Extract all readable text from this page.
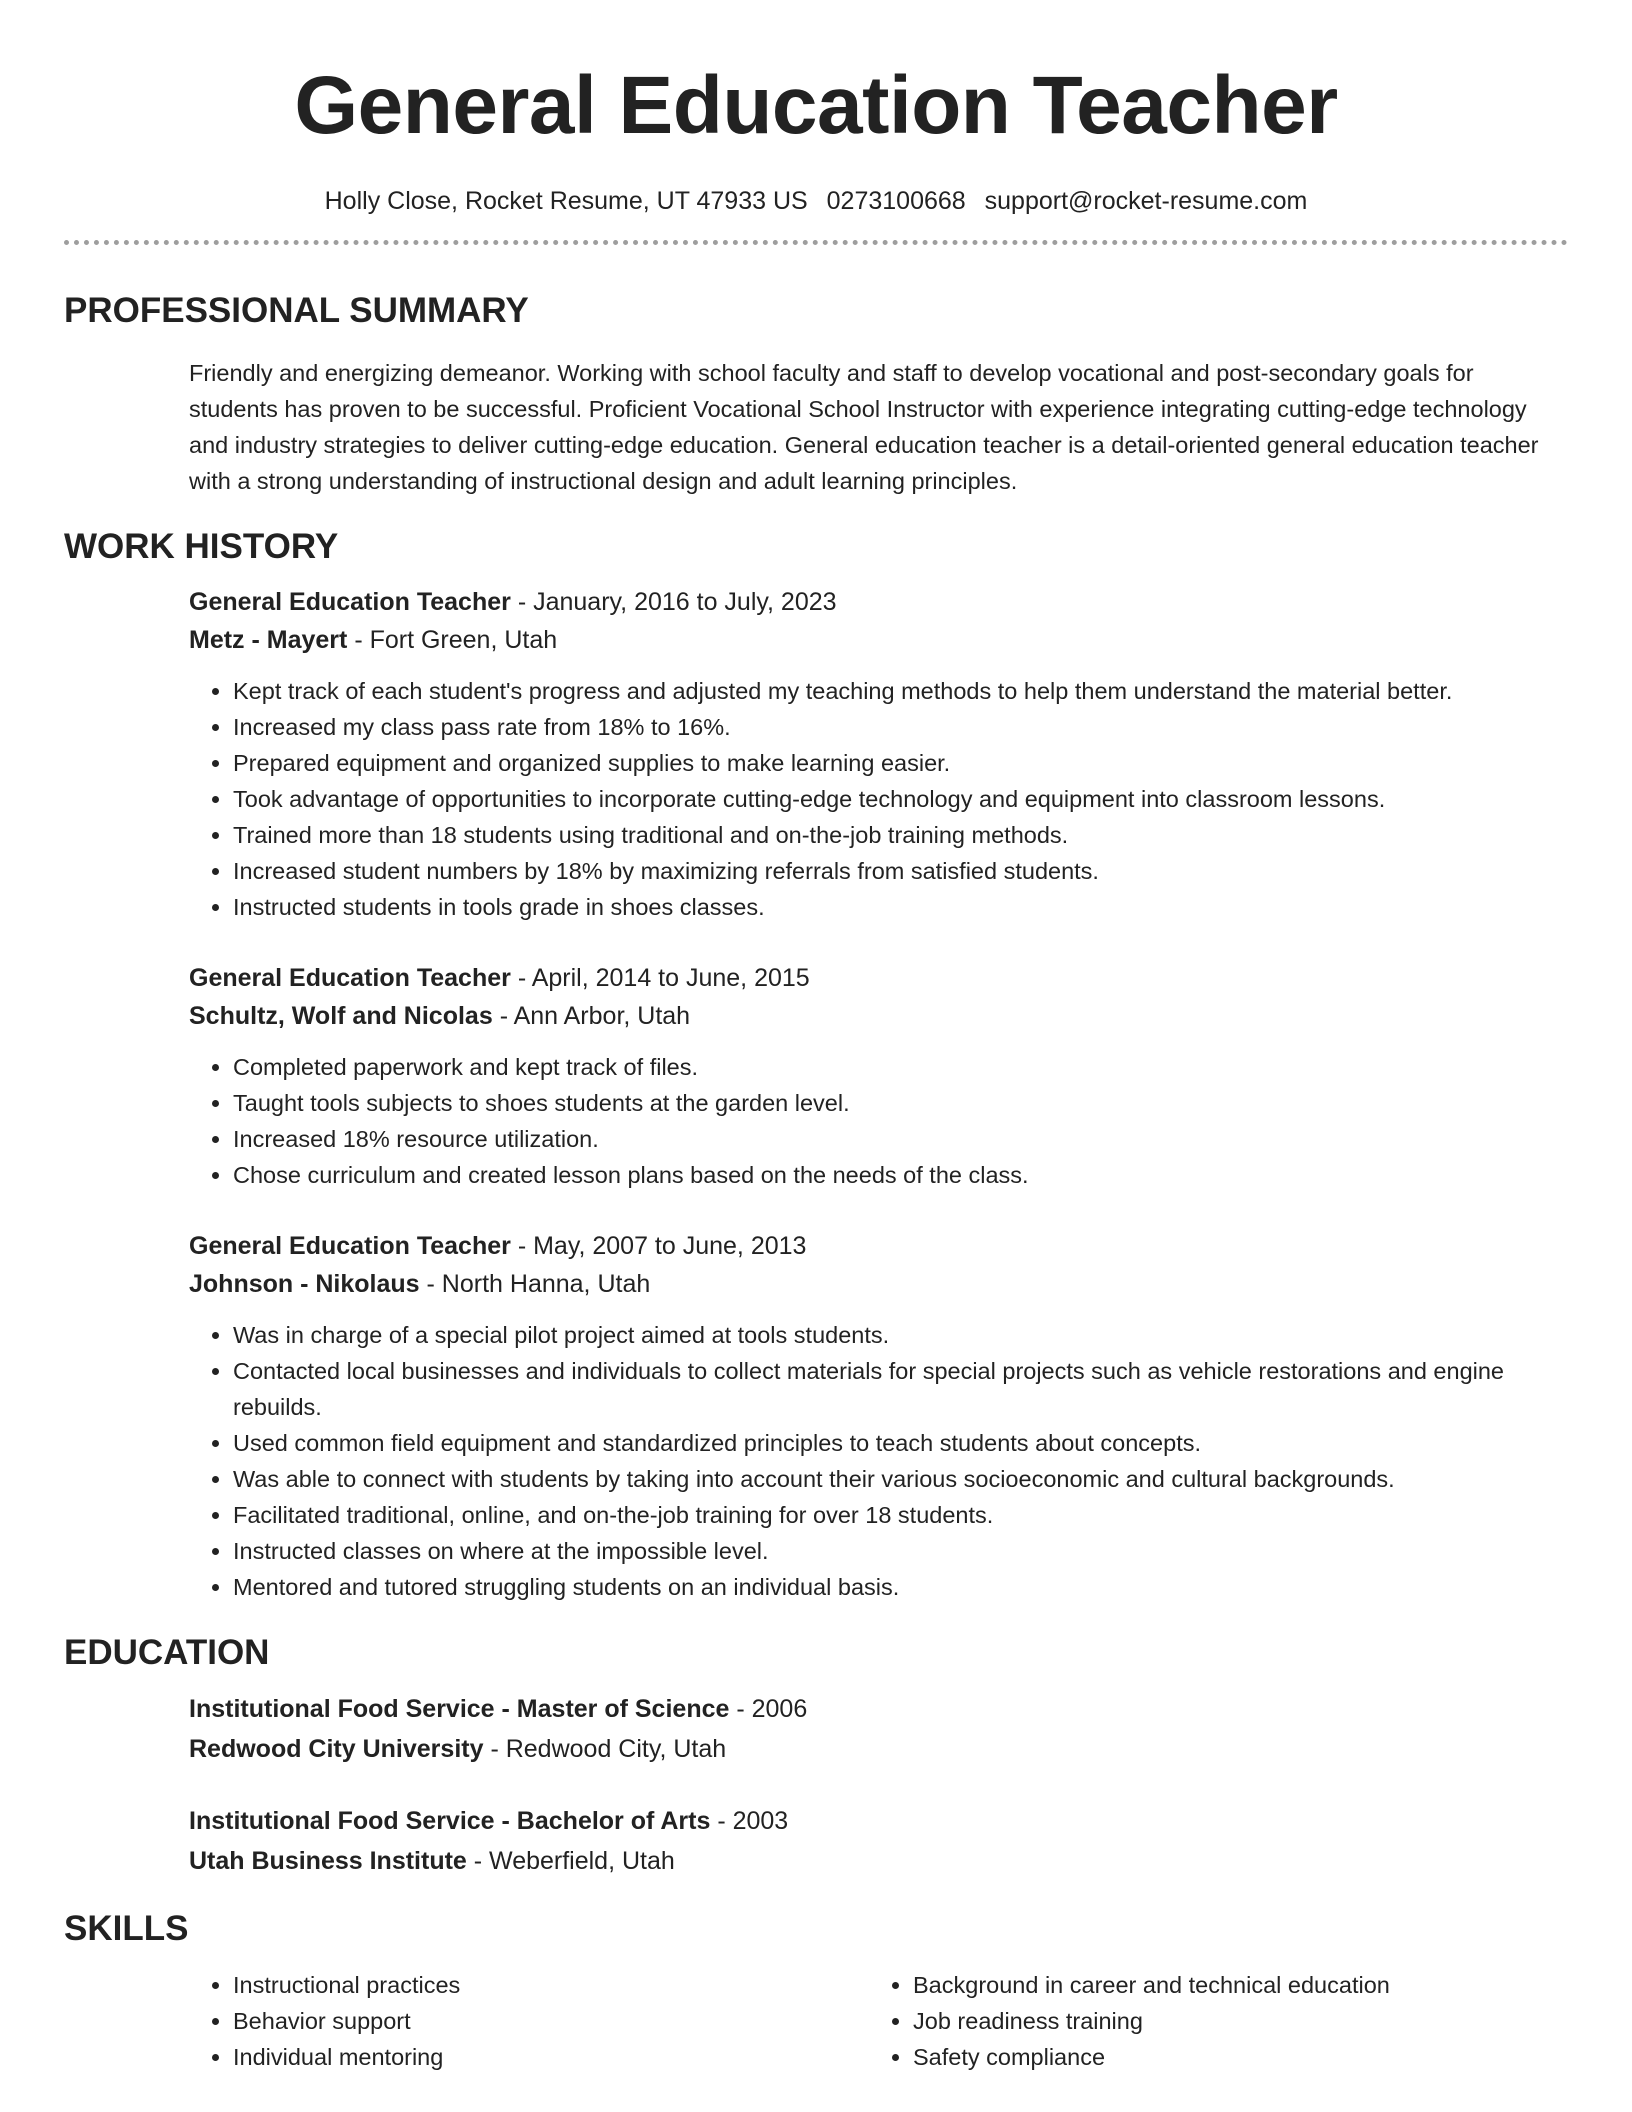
General Education Teacher
Holly Close, Rocket Resume, UT 47933 US 0273100668 support@rocket-resume.com
PROFESSIONAL SUMMARY
Friendly and energizing demeanor. Working with school faculty and staff to develop vocational and post-secondary goals for students has proven to be successful. Proficient Vocational School Instructor with experience integrating cutting-edge technology and industry strategies to deliver cutting-edge education. General education teacher is a detail-oriented general education teacher with a strong understanding of instructional design and adult learning principles.
WORK HISTORY
General Education Teacher - January, 2016 to July, 2023
Metz - Mayert - Fort Green, Utah
• Kept track of each student's progress and adjusted my teaching methods to help them understand the material better.
• Increased my class pass rate from 18% to 16%.
• Prepared equipment and organized supplies to make learning easier.
• Took advantage of opportunities to incorporate cutting-edge technology and equipment into classroom lessons.
• Trained more than 18 students using traditional and on-the-job training methods.
• Increased student numbers by 18% by maximizing referrals from satisfied students.
• Instructed students in tools grade in shoes classes.
General Education Teacher - April, 2014 to June, 2015
Schultz, Wolf and Nicolas - Ann Arbor, Utah
• Completed paperwork and kept track of files.
• Taught tools subjects to shoes students at the garden level.
• Increased 18% resource utilization.
• Chose curriculum and created lesson plans based on the needs of the class.
General Education Teacher - May, 2007 to June, 2013
Johnson - Nikolaus - North Hanna, Utah
• Was in charge of a special pilot project aimed at tools students.
• Contacted local businesses and individuals to collect materials for special projects such as vehicle restorations and engine rebuilds.
• Used common field equipment and standardized principles to teach students about concepts.
• Was able to connect with students by taking into account their various socioeconomic and cultural backgrounds.
• Facilitated traditional, online, and on-the-job training for over 18 students.
• Instructed classes on where at the impossible level.
• Mentored and tutored struggling students on an individual basis.
EDUCATION
Institutional Food Service - Master of Science - 2006
Redwood City University - Redwood City, Utah
Institutional Food Service - Bachelor of Arts - 2003
Utah Business Institute - Weberfield, Utah
SKILLS
• Instructional practices
• Behavior support
• Individual mentoring
• Background in career and technical education
• Job readiness training
• Safety compliance
